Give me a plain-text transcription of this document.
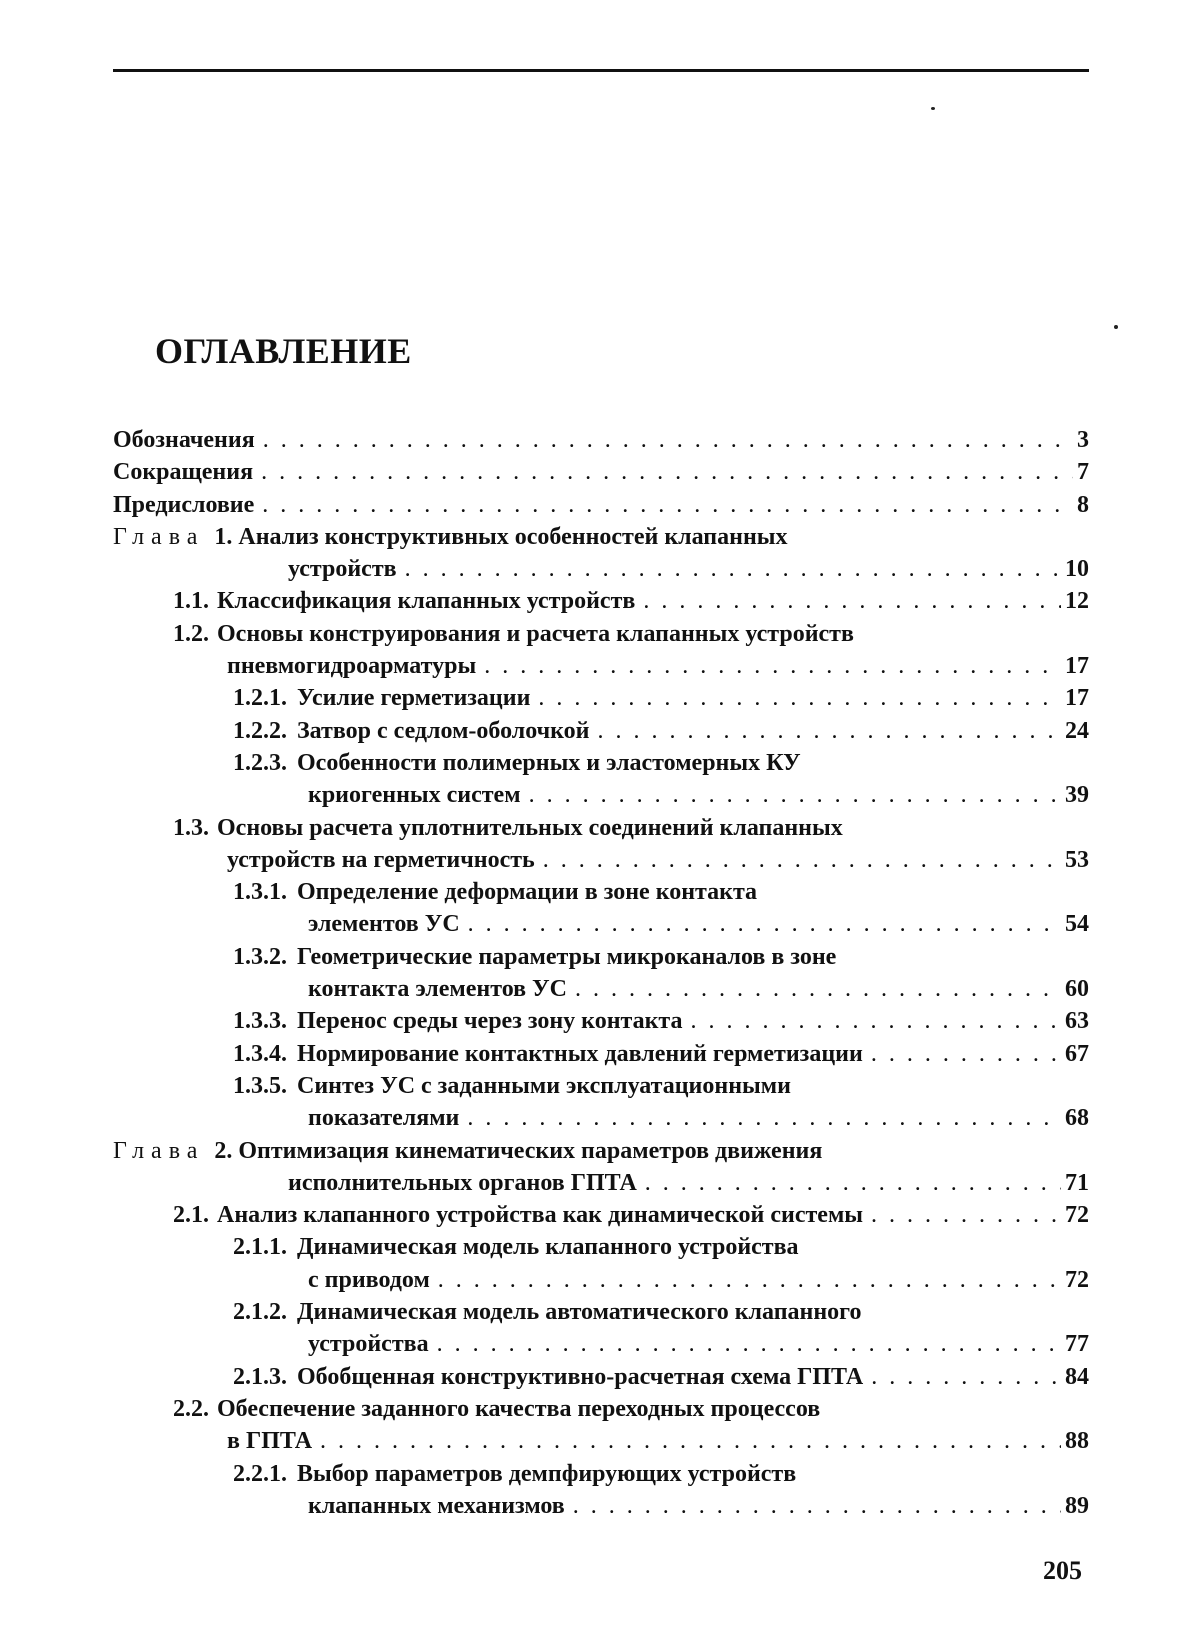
ОГЛАВЛЕНИЕ
Обозначения . . .	3
Сокращения . . .	7
Предисловие . . .	8
Глава 1. Анализ конструктивных особенностей клапанных
устройств . . .	10
1.1. Классификация клапанных устройств . . .	12
1.2. Основы конструирования и расчета клапанных устройств
пневмогидроарматуры . . .	17
1.2.1. Усилие герметизации . . .	17
1.2.2. Затвор с седлом-оболочкой . . .	24
1.2.3. Особенности полимерных и эластомерных КУ
криогенных систем . . .	39
1.3. Основы расчета уплотнительных соединений клапанных
устройств на герметичность . . .	53
1.3.1. Определение деформации в зоне контакта
элементов УС . . .	54
1.3.2. Геометрические параметры микроканалов в зоне
контакта элементов УС . . .	60
1.3.3. Перенос среды через зону контакта . . .	63
1.3.4. Нормирование контактных давлений герметизации . . .	67
1.3.5. Синтез УС с заданными эксплуатационными
показателями . . .	68
Глава 2. Оптимизация кинематических параметров движения
исполнительных органов ГПТА . . .	71
2.1. Анализ клапанного устройства как динамической системы . . .	72
2.1.1. Динамическая модель клапанного устройства
с приводом . . .	72
2.1.2. Динамическая модель автоматического клапанного
устройства . . .	77
2.1.3. Обобщенная конструктивно-расчетная схема ГПТА . . .	84
2.2. Обеспечение заданного качества переходных процессов
в ГПТА . . .	88
2.2.1. Выбор параметров демпфирующих устройств
клапанных механизмов . . .	89
205
